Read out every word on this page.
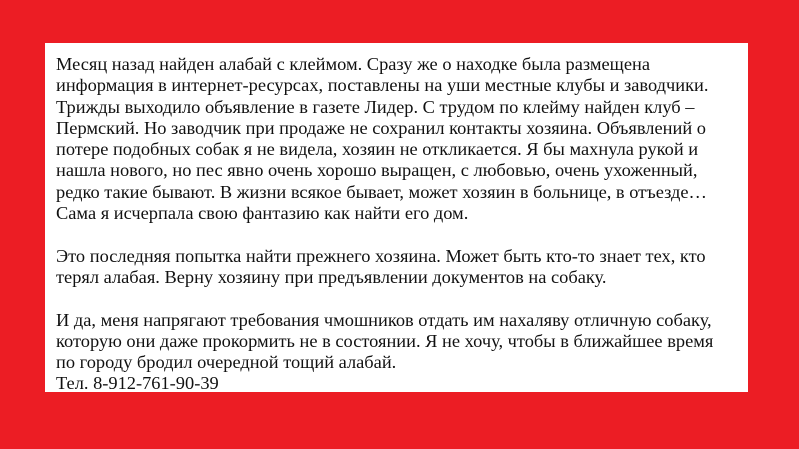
Месяц назад найден алабай с клеймом. Сразу же о находке была размещена
информация в интернет-ресурсах, поставлены на уши местные клубы и заводчики.
Трижды выходило объявление в газете Лидер. С трудом по клейму найден клуб –
Пермский. Но заводчик при продаже не сохранил контакты хозяина. Объявлений о
потере подобных собак я не видела, хозяин не откликается. Я бы махнула рукой и
нашла нового, но пес явно очень хорошо выращен, с любовью, очень ухоженный,
редко такие бывают. В жизни всякое бывает, может хозяин в больнице, в отъезде…
Сама я исчерпала свою фантазию как найти его дом.
Это последняя попытка найти прежнего хозяина. Может быть кто-то знает тех, кто
терял алабая. Верну хозяину при предъявлении документов на собаку.
И да, меня напрягают требования чмошников отдать им нахаляву отличную собаку,
которую они даже прокормить не в состоянии. Я не хочу, чтобы в ближайшее время
по городу бродил очередной тощий алабай.
Тел. 8-912-761-90-39
